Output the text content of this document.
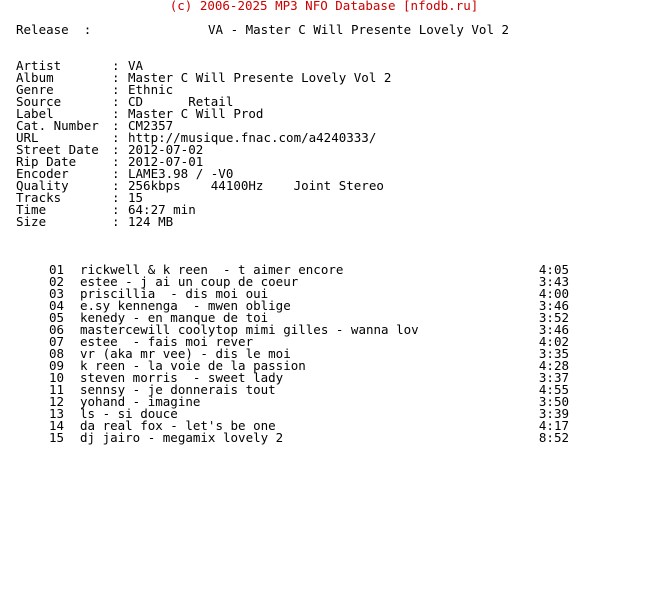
(c) 2006-2025 MP3 NFO Database [nfodb.ru]
Release  :	VA - Master C Will Presente Lovely Vol 2
Artist	: VA
Album	: Master C Will Presente Lovely Vol 2
Genre	: Ethnic
Source	: CD      Retail
Label	: Master C Will Prod
Cat. Number : CM2357
URL	: http://musique.fnac.com/a4240333/
Street Date : 2012-07-02
Rip Date	: 2012-07-01
Encoder	: LAME3.98 / -V0
Quality	: 256kbps    44100Hz    Joint Stereo
Tracks	: 15
Time	: 64:27 min
Size	: 124 MB
01 rickwell & k reen  - t aimer encore	4:05
02 estee - j ai un coup de coeur	3:43
03 priscillia  - dis moi oui	4:00
04 e.sy kennenga  - mwen oblige	3:46
05 kenedy - en manque de toi	3:52
06 mastercewill coolytop mimi gilles - wanna lov	3:46
07 estee  - fais moi rever	4:02
08 vr (aka mr vee) - dis le moi	3:35
09 k reen - la voie de la passion	4:28
10 steven morris  - sweet lady	3:37
11 sennsy - je donnerais tout	4:55
12 yohand - imagine	3:50
13 ls - si douce	3:39
14 da real fox - let's be one	4:17
15 dj jairo - megamix lovely 2	8:52
